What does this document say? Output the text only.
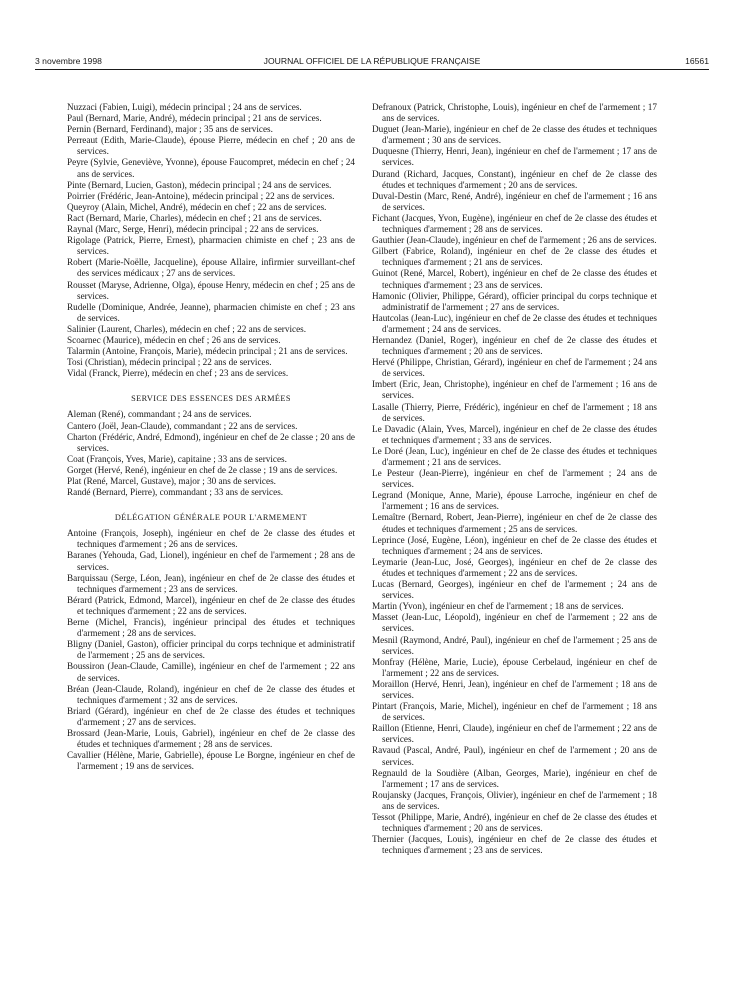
3 novembre 1998	JOURNAL OFFICIEL DE LA RÉPUBLIQUE FRANÇAISE	16561

Nuzzaci (Fabien, Luigi), médecin principal ; 24 ans de services.

Paul (Bernard, Marie, André), médecin principal ; 21 ans de services.

Pernin (Bernard, Ferdinand), major ; 35 ans de services.

Perreaut (Edith, Marie-Claude), épouse Pierre, médecin en chef ; 20 ans de services.

Peyre (Sylvie, Geneviève, Yvonne), épouse Faucompret, médecin en chef ; 24 ans de services.

Pinte (Bernard, Lucien, Gaston), médecin principal ; 24 ans de services.

Poirrier (Frédéric, Jean-Antoine), médecin principal ; 22 ans de services.

Queyroy (Alain, Michel, André), médecin en chef ; 22 ans de services.

Ract (Bernard, Marie, Charles), médecin en chef ; 21 ans de services.

Raynal (Marc, Serge, Henri), médecin principal ; 22 ans de services.

Rigolage (Patrick, Pierre, Ernest), pharmacien chimiste en chef ; 23 ans de services.

Robert (Marie-Noëlle, Jacqueline), épouse Allaire, infirmier surveillant-chef des services médicaux ; 27 ans de services.

Rousset (Maryse, Adrienne, Olga), épouse Henry, médecin en chef ; 25 ans de services.

Rudelle (Dominique, Andrée, Jeanne), pharmacien chimiste en chef ; 23 ans de services.

Salinier (Laurent, Charles), médecin en chef ; 22 ans de services.

Scoarnec (Maurice), médecin en chef ; 26 ans de services.

Talarmin (Antoine, François, Marie), médecin principal ; 21 ans de services.

Tosi (Christian), médecin principal ; 22 ans de services.

Vidal (Franck, Pierre), médecin en chef ; 23 ans de services.

SERVICE DES ESSENCES DES ARMÉES

Aleman (René), commandant ; 24 ans de services.

Cantero (Joël, Jean-Claude), commandant ; 22 ans de services.

Charton (Frédéric, André, Edmond), ingénieur en chef de 2e classe ; 20 ans de services.

Coat (François, Yves, Marie), capitaine ; 33 ans de services.

Gorget (Hervé, René), ingénieur en chef de 2e classe ; 19 ans de services.

Plat (René, Marcel, Gustave), major ; 30 ans de services.

Randé (Bernard, Pierre), commandant ; 33 ans de services.

DÉLÉGATION GÉNÉRALE POUR L'ARMEMENT

Antoine (François, Joseph), ingénieur en chef de 2e classe des études et techniques d'armement ; 26 ans de services.

Baranes (Yehouda, Gad, Lionel), ingénieur en chef de l'armement ; 28 ans de services.

Barquissau (Serge, Léon, Jean), ingénieur en chef de 2e classe des études et techniques d'armement ; 23 ans de services.

Bérard (Patrick, Edmond, Marcel), ingénieur en chef de 2e classe des études et techniques d'armement ; 22 ans de services.

Berne (Michel, Francis), ingénieur principal des études et techniques d'armement ; 28 ans de services.

Bligny (Daniel, Gaston), officier principal du corps technique et administratif de l'armement ; 25 ans de services.

Boussiron (Jean-Claude, Camille), ingénieur en chef de l'armement ; 22 ans de services.

Bréan (Jean-Claude, Roland), ingénieur en chef de 2e classe des études et techniques d'armement ; 32 ans de services.

Briard (Gérard), ingénieur en chef de 2e classe des études et techniques d'armement ; 27 ans de services.

Brossard (Jean-Marie, Louis, Gabriel), ingénieur en chef de 2e classe des études et techniques d'armement ; 28 ans de services.

Cavallier (Hélène, Marie, Gabrielle), épouse Le Borgne, ingénieur en chef de l'armement ; 19 ans de services.

Defranoux (Patrick, Christophe, Louis), ingénieur en chef de l'armement ; 17 ans de services.

Duguet (Jean-Marie), ingénieur en chef de 2e classe des études et techniques d'armement ; 30 ans de services.

Duquesne (Thierry, Henri, Jean), ingénieur en chef de l'armement ; 17 ans de services.

Durand (Richard, Jacques, Constant), ingénieur en chef de 2e classe des études et techniques d'armement ; 20 ans de services.

Duval-Destin (Marc, René, André), ingénieur en chef de l'armement ; 16 ans de services.

Fichant (Jacques, Yvon, Eugène), ingénieur en chef de 2e classe des études et techniques d'armement ; 28 ans de services.

Gauthier (Jean-Claude), ingénieur en chef de l'armement ; 26 ans de services.

Gilbert (Fabrice, Roland), ingénieur en chef de 2e classe des études et techniques d'armement ; 21 ans de services.

Guinot (René, Marcel, Robert), ingénieur en chef de 2e classe des études et techniques d'armement ; 23 ans de services.

Hamonic (Olivier, Philippe, Gérard), officier principal du corps technique et administratif de l'armement ; 27 ans de services.

Hautcolas (Jean-Luc), ingénieur en chef de 2e classe des études et techniques d'armement ; 24 ans de services.

Hernandez (Daniel, Roger), ingénieur en chef de 2e classe des études et techniques d'armement ; 20 ans de services.

Hervé (Philippe, Christian, Gérard), ingénieur en chef de l'armement ; 24 ans de services.

Imbert (Eric, Jean, Christophe), ingénieur en chef de l'armement ; 16 ans de services.

Lasalle (Thierry, Pierre, Frédéric), ingénieur en chef de l'armement ; 18 ans de services.

Le Davadic (Alain, Yves, Marcel), ingénieur en chef de 2e classe des études et techniques d'armement ; 33 ans de services.

Le Doré (Jean, Luc), ingénieur en chef de 2e classe des études et techniques d'armement ; 21 ans de services.

Le Pesteur (Jean-Pierre), ingénieur en chef de l'armement ; 24 ans de services.

Legrand (Monique, Anne, Marie), épouse Larroche, ingénieur en chef de l'armement ; 16 ans de services.

Lemaître (Bernard, Robert, Jean-Pierre), ingénieur en chef de 2e classe des études et techniques d'armement ; 25 ans de services.

Leprince (José, Eugène, Léon), ingénieur en chef de 2e classe des études et techniques d'armement ; 24 ans de services.

Leymarie (Jean-Luc, José, Georges), ingénieur en chef de 2e classe des études et techniques d'armement ; 22 ans de services.

Lucas (Bernard, Georges), ingénieur en chef de l'armement ; 24 ans de services.

Martin (Yvon), ingénieur en chef de l'armement ; 18 ans de services.

Masset (Jean-Luc, Léopold), ingénieur en chef de l'armement ; 22 ans de services.

Mesnil (Raymond, André, Paul), ingénieur en chef de l'armement ; 25 ans de services.

Monfray (Hélène, Marie, Lucie), épouse Cerbelaud, ingénieur en chef de l'armement ; 22 ans de services.

Moraillon (Hervé, Henri, Jean), ingénieur en chef de l'armement ; 18 ans de services.

Pintart (François, Marie, Michel), ingénieur en chef de l'armement ; 18 ans de services.

Raillon (Etienne, Henri, Claude), ingénieur en chef de l'armement ; 22 ans de services.

Ravaud (Pascal, André, Paul), ingénieur en chef de l'armement ; 20 ans de services.

Regnauld de la Soudière (Alban, Georges, Marie), ingénieur en chef de l'armement ; 17 ans de services.

Roujansky (Jacques, François, Olivier), ingénieur en chef de l'armement ; 18 ans de services.

Tessot (Philippe, Marie, André), ingénieur en chef de 2e classe des études et techniques d'armement ; 20 ans de services.

Thernier (Jacques, Louis), ingénieur en chef de 2e classe des études et techniques d'armement ; 23 ans de services.
